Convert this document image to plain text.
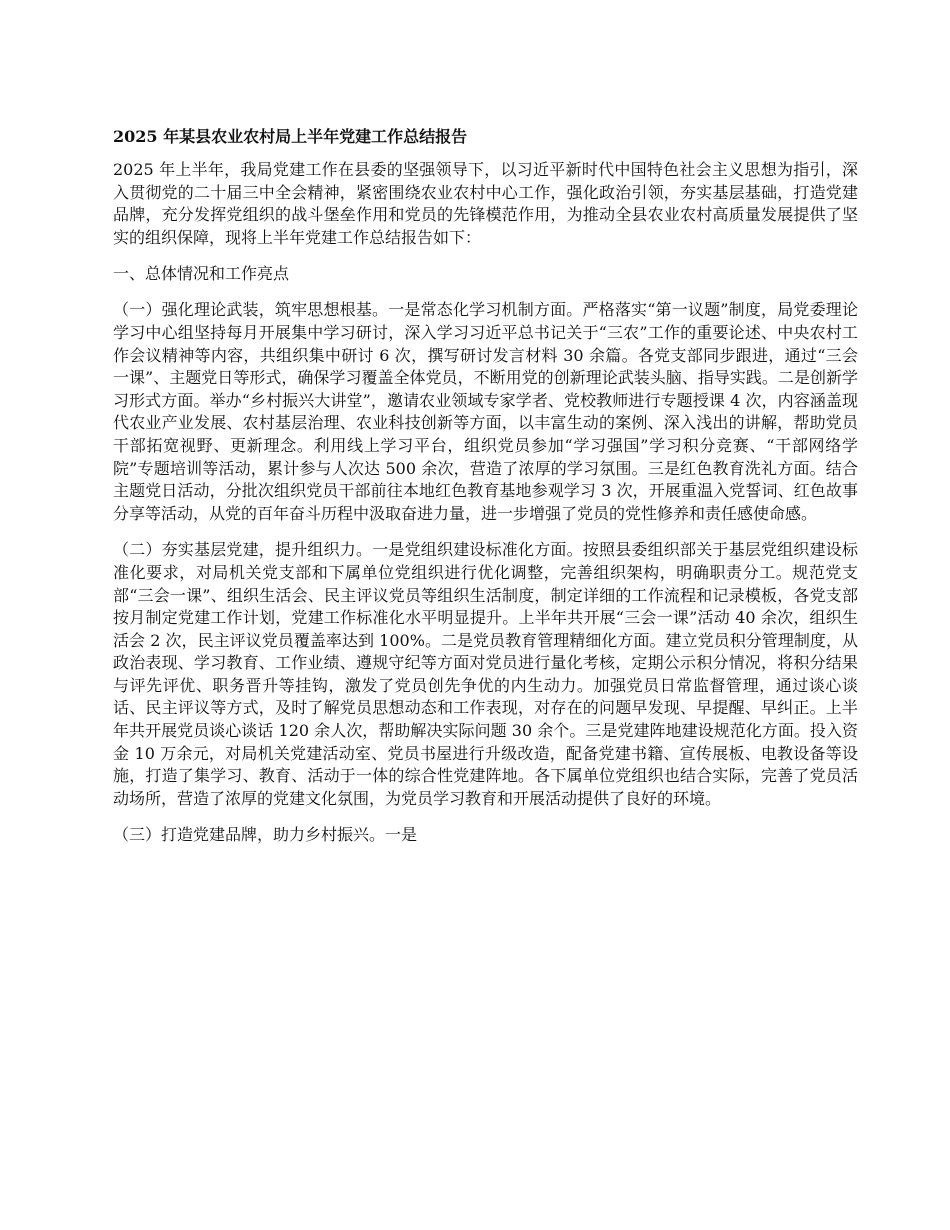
2025 年某县农业农村局上半年党建工作总结报告

2025 年上半年，我局党建工作在县委的坚强领导下，以习近平新时代中国特色社会主义思想为指引，深入贯彻党的二十届三中全会精神，紧密围绕农业农村中心工作，强化政治引领，夯实基层基础，打造党建品牌，充分发挥党组织的战斗堡垒作用和党员的先锋模范作用，为推动全县农业农村高质量发展提供了坚实的组织保障，现将上半年党建工作总结报告如下：

一、总体情况和工作亮点

（一）强化理论武装，筑牢思想根基。一是常态化学习机制方面。严格落实“第一议题”制度，局党委理论学习中心组坚持每月开展集中学习研讨，深入学习习近平总书记关于“三农”工作的重要论述、中央农村工作会议精神等内容，共组织集中研讨 6 次，撰写研讨发言材料 30 余篇。各党支部同步跟进，通过“三会一课”、主题党日等形式，确保学习覆盖全体党员，不断用党的创新理论武装头脑、指导实践。二是创新学习形式方面。举办“乡村振兴大讲堂”，邀请农业领域专家学者、党校教师进行专题授课 4 次，内容涵盖现代农业产业发展、农村基层治理、农业科技创新等方面，以丰富生动的案例、深入浅出的讲解，帮助党员干部拓宽视野、更新理念。利用线上学习平台，组织党员参加“学习强国”学习积分竞赛、“干部网络学院”专题培训等活动，累计参与人次达 500 余次，营造了浓厚的学习氛围。三是红色教育洗礼方面。结合主题党日活动，分批次组织党员干部前往本地红色教育基地参观学习 3 次，开展重温入党誓词、红色故事分享等活动，从党的百年奋斗历程中汲取奋进力量，进一步增强了党员的党性修养和责任感使命感。

（二）夯实基层党建，提升组织力。一是党组织建设标准化方面。按照县委组织部关于基层党组织建设标准化要求，对局机关党支部和下属单位党组织进行优化调整，完善组织架构，明确职责分工。规范党支部“三会一课”、组织生活会、民主评议党员等组织生活制度，制定详细的工作流程和记录模板，各党支部按月制定党建工作计划，党建工作标准化水平明显提升。上半年共开展“三会一课”活动 40 余次，组织生活会 2 次，民主评议党员覆盖率达到 100%。二是党员教育管理精细化方面。建立党员积分管理制度，从政治表现、学习教育、工作业绩、遵规守纪等方面对党员进行量化考核，定期公示积分情况，将积分结果与评先评优、职务晋升等挂钩，激发了党员创先争优的内生动力。加强党员日常监督管理，通过谈心谈话、民主评议等方式，及时了解党员思想动态和工作表现，对存在的问题早发现、早提醒、早纠正。上半年共开展党员谈心谈话 120 余人次，帮助解决实际问题 30 余个。三是党建阵地建设规范化方面。投入资金 10 万余元，对局机关党建活动室、党员书屋进行升级改造，配备党建书籍、宣传展板、电教设备等设施，打造了集学习、教育、活动于一体的综合性党建阵地。各下属单位党组织也结合实际，完善了党员活动场所，营造了浓厚的党建文化氛围，为党员学习教育和开展活动提供了良好的环境。

（三）打造党建品牌，助力乡村振兴。一是
